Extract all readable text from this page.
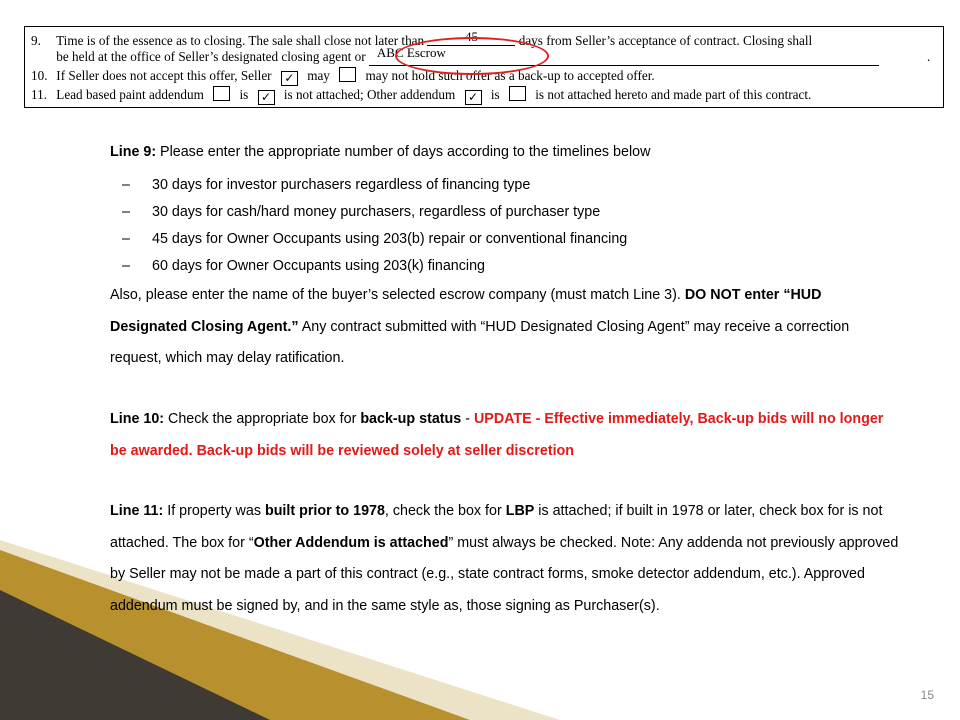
9. Time is of the essence as to closing. The sale shall close not later than	45	days from Seller’s acceptance of contract. Closing shall
be held at the office of Seller’s designated closing agent or ABC Escrow
	.
10. If Seller does not accept this offer, Seller ✓ may	may not hold such offer as a back-up to accepted offer.
11. Lead based paint addendum	is ✓ is not attached; Other addendum ✓ is	is not attached hereto and made part of this contract.
Line 9: Please enter the appropriate number of days according to the timelines below
–	30 days for investor purchasers regardless of financing type
–	30 days for cash/hard money purchasers, regardless of purchaser type
–	45 days for Owner Occupants using 203(b) repair or conventional financing
–	60 days for Owner Occupants using 203(k) financing
Also, please enter the name of the buyer’s selected escrow company (must match Line 3). DO NOT enter “HUD Designated Closing Agent.” Any contract submitted with “HUD Designated Closing Agent” may receive a correction request, which may delay ratification.
Line 10: Check the appropriate box for back-up status - UPDATE - Effective immediately, Back-up bids will no longer be awarded. Back-up bids will be reviewed solely at seller discretion
Line 11: If property was built prior to 1978, check the box for LBP is attached; if built in 1978 or later, check box for is not attached. The box for “Other Addendum is attached” must always be checked. Note: Any addenda not previously approved by Seller may not be made a part of this contract (e.g., state contract forms, smoke detector addendum, etc.). Approved addendum must be signed by, and in the same style as, those signing as Purchaser(s).
15
